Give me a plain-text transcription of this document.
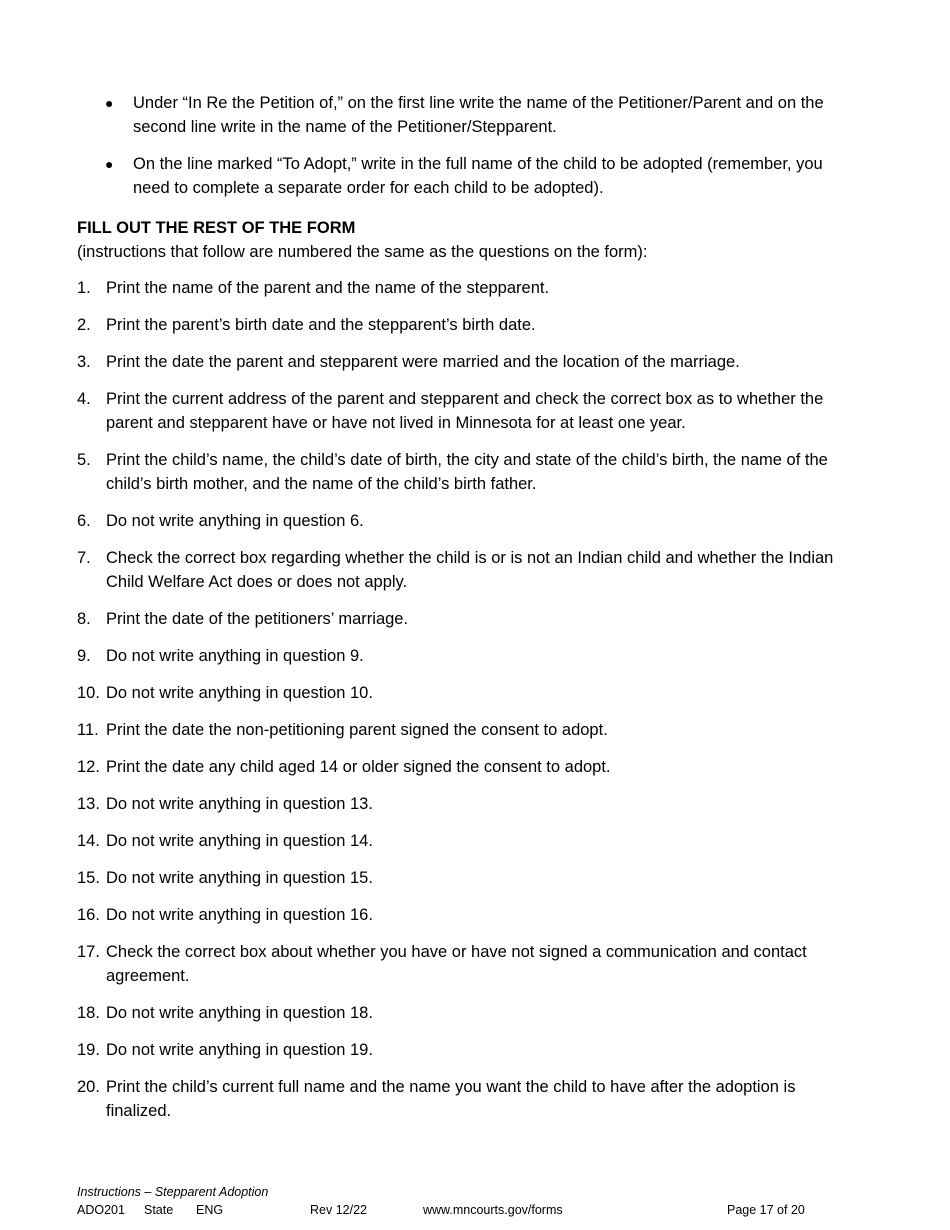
●	Under “In Re the Petition of,” on the first line write the name of the Petitioner/Parent and on the second line write in the name of the Petitioner/Stepparent.
●	On the line marked “To Adopt,” write in the full name of the child to be adopted (remember, you need to complete a separate order for each child to be adopted).
FILL OUT THE REST OF THE FORM
(instructions that follow are numbered the same as the questions on the form):
1. Print the name of the parent and the name of the stepparent.
2. Print the parent’s birth date and the stepparent’s birth date.
3. Print the date the parent and stepparent were married and the location of the marriage.
4. Print the current address of the parent and stepparent and check the correct box as to whether the parent and stepparent have or have not lived in Minnesota for at least one year.
5. Print the child’s name, the child’s date of birth, the city and state of the child’s birth, the name of the child’s birth mother, and the name of the child’s birth father.
6. Do not write anything in question 6.
7. Check the correct box regarding whether the child is or is not an Indian child and whether the Indian Child Welfare Act does or does not apply.
8. Print the date of the petitioners’ marriage.
9. Do not write anything in question 9.
10. Do not write anything in question 10.
11. Print the date the non-petitioning parent signed the consent to adopt.
12. Print the date any child aged 14 or older signed the consent to adopt.
13. Do not write anything in question 13.
14. Do not write anything in question 14.
15. Do not write anything in question 15.
16. Do not write anything in question 16.
17. Check the correct box about whether you have or have not signed a communication and contact agreement.
18. Do not write anything in question 18.
19. Do not write anything in question 19.
20. Print the child’s current full name and the name you want the child to have after the adoption is finalized.
Instructions – Stepparent Adoption
ADO201 State ENG	Rev 12/22	www.mncourts.gov/forms	Page 17 of 20
